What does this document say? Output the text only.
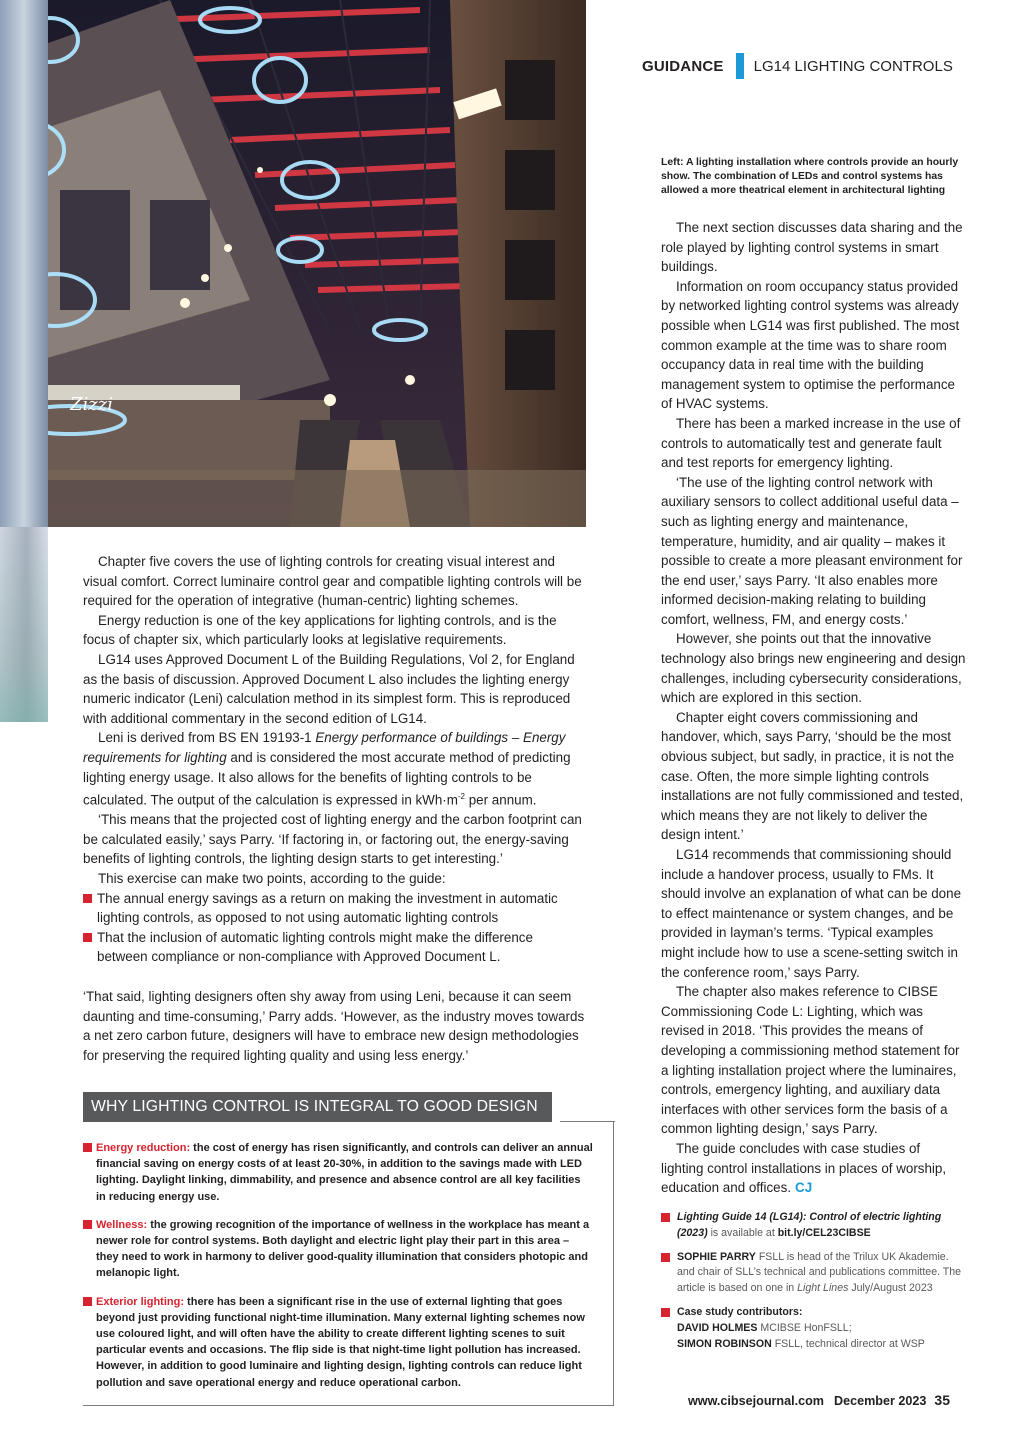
Zizzi
GUIDANCE LG14 LIGHTING CONTROLS
Left: A lighting installation where controls provide an hourly show. The combination of LEDs and control systems has allowed a more theatrical element in architectural lighting

Chapter five covers the use of lighting controls for creating visual interest and visual comfort. Correct luminaire control gear and compatible lighting controls will be required for the operation of integrative (human-centric) lighting schemes.

Energy reduction is one of the key applications for lighting controls, and is the focus of chapter six, which particularly looks at legislative requirements.

LG14 uses Approved Document L of the Building Regulations, Vol 2, for England as the basis of discussion. Approved Document L also includes the lighting energy numeric indicator (Leni) calculation method in its simplest form. This is reproduced with additional commentary in the second edition of LG14.

Leni is derived from BS EN 19193-1 Energy performance of buildings – Energy requirements for lighting and is considered the most accurate method of predicting lighting energy usage. It also allows for the benefits of lighting controls to be calculated. The output of the calculation is expressed in $kWh\cdot m^{-2}$ per annum.

‘This means that the projected cost of lighting energy and the carbon footprint can be calculated easily,’ says Parry. ‘If factoring in, or factoring out, the energy-saving benefits of lighting controls, the lighting design starts to get interesting.’

This exercise can make two points, according to the guide:

The annual energy savings as a return on making the investment in automatic lighting controls, as opposed to not using automatic lighting controls
That the inclusion of automatic lighting controls might make the difference between compliance or non-compliance with Approved Document L.

‘That said, lighting designers often shy away from using Leni, because it can seem daunting and time-consuming,’ Parry adds. ‘However, as the industry moves towards a net zero carbon future, designers will have to embrace new design methodologies for preserving the required lighting quality and using less energy.’

WHY LIGHTING CONTROL IS INTEGRAL TO GOOD DESIGN
Energy reduction: the cost of energy has risen significantly, and controls can deliver an annual financial saving on energy costs of at least 20-30%, in addition to the savings made with LED lighting. Daylight linking, dimmability, and presence and absence control are all key facilities in reducing energy use.
Wellness: the growing recognition of the importance of wellness in the workplace has meant a newer role for control systems. Both daylight and electric light play their part in this area – they need to work in harmony to deliver good-quality illumination that considers photopic and melanopic light.
Exterior lighting: there has been a significant rise in the use of external lighting that goes beyond just providing functional night-time illumination. Many external lighting schemes now use coloured light, and will often have the ability to create different lighting scenes to suit particular events and occasions. The flip side is that night-time light pollution has increased. However, in addition to good luminaire and lighting design, lighting controls can reduce light pollution and save operational energy and reduce operational carbon.

The next section discusses data sharing and the role played by lighting control systems in smart buildings.

Information on room occupancy status provided by networked lighting control systems was already possible when LG14 was first published. The most common example at the time was to share room occupancy data in real time with the building management system to optimise the performance of HVAC systems.

There has been a marked increase in the use of controls to automatically test and generate fault and test reports for emergency lighting.

‘The use of the lighting control network with auxiliary sensors to collect additional useful data – such as lighting energy and maintenance, temperature, humidity, and air quality – makes it possible to create a more pleasant environment for the end user,’ says Parry. ‘It also enables more informed decision-making relating to building comfort, wellness, FM, and energy costs.’

However, she points out that the innovative technology also brings new engineering and design challenges, including cybersecurity considerations, which are explored in this section.

Chapter eight covers commissioning and handover, which, says Parry, ‘should be the most obvious subject, but sadly, in practice, it is not the case. Often, the more simple lighting controls installations are not fully commissioned and tested, which means they are not likely to deliver the design intent.’

LG14 recommends that commissioning should include a handover process, usually to FMs. It should involve an explanation of what can be done to effect maintenance or system changes, and be provided in layman’s terms. ‘Typical examples might include how to use a scene-setting switch in the conference room,’ says Parry.

The chapter also makes reference to CIBSE Commissioning Code L: Lighting, which was revised in 2018. ‘This provides the means of developing a commissioning method statement for a lighting installation project where the luminaires, controls, emergency lighting, and auxiliary data interfaces with other services form the basis of a common lighting design,’ says Parry.

The guide concludes with case studies of lighting control installations in places of worship, education and offices. CJ

Lighting Guide 14 (LG14): Control of electric lighting (2023) is available at bit.ly/CEL23CIBSE
SOPHIE PARRY FSLL is head of the Trilux UK Akademie. and chair of SLL’s technical and publications committee. The article is based on one in Light Lines July/August 2023
Case study contributors:
DAVID HOLMES MCIBSE HonFSLL;
SIMON ROBINSON FSLL, technical director at WSP
www.cibsejournal.com December 2023 35
